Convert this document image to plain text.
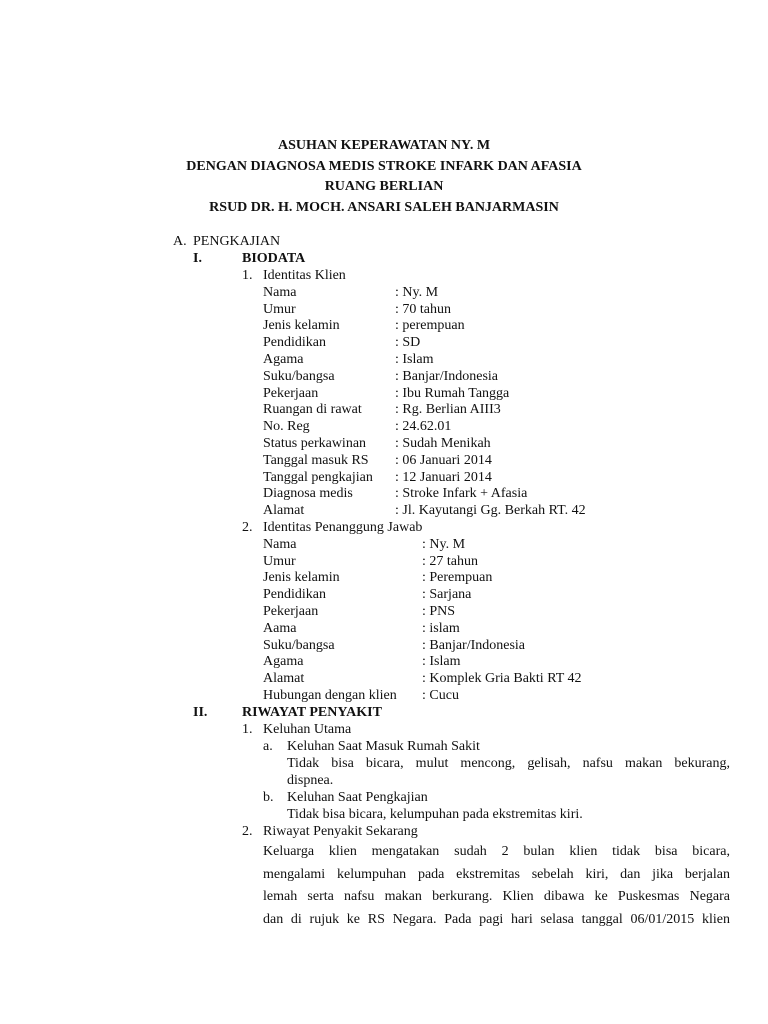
ASUHAN KEPERAWATAN NY. M
DENGAN DIAGNOSA MEDIS STROKE INFARK DAN AFASIA
RUANG BERLIAN
RSUD DR. H. MOCH. ANSARI SALEH BANJARMASIN
A. PENGKAJIAN
I.	BIODATA
1. Identitas Klien
Nama	: Ny. M
Umur	: 70 tahun
Jenis kelamin	: perempuan
Pendidikan	: SD
Agama	: Islam
Suku/bangsa	: Banjar/Indonesia
Pekerjaan	: Ibu Rumah Tangga
Ruangan di rawat : Rg. Berlian AIII3
No. Reg	: 24.62.01
Status perkawinan : Sudah Menikah
Tanggal masuk RS : 06 Januari 2014
Tanggal pengkajian : 12 Januari 2014
Diagnosa medis	: Stroke Infark + Afasia
Alamat	: Jl. Kayutangi Gg. Berkah RT. 42
2. Identitas Penanggung Jawab
Nama	: Ny. M
Umur	: 27 tahun
Jenis kelamin	: Perempuan
Pendidikan	: Sarjana
Pekerjaan	: PNS
Aama	: islam
Suku/bangsa	: Banjar/Indonesia
Agama	: Islam
Alamat	: Komplek Gria Bakti RT 42
Hubungan dengan klien : Cucu
II. RIWAYAT PENYAKIT
1. Keluhan Utama
a. Keluhan Saat Masuk Rumah Sakit
Tidak bisa bicara, mulut mencong, gelisah, nafsu makan bekurang,
dispnea.
b. Keluhan Saat Pengkajian
Tidak bisa bicara, kelumpuhan pada ekstremitas kiri.
2. Riwayat Penyakit Sekarang
Keluarga klien mengatakan sudah 2 bulan klien tidak bisa bicara,
mengalami kelumpuhan pada ekstremitas sebelah kiri, dan jika berjalan
lemah serta nafsu makan berkurang. Klien dibawa ke Puskesmas Negara
dan di rujuk ke RS Negara. Pada pagi hari selasa tanggal 06/01/2015 klien
